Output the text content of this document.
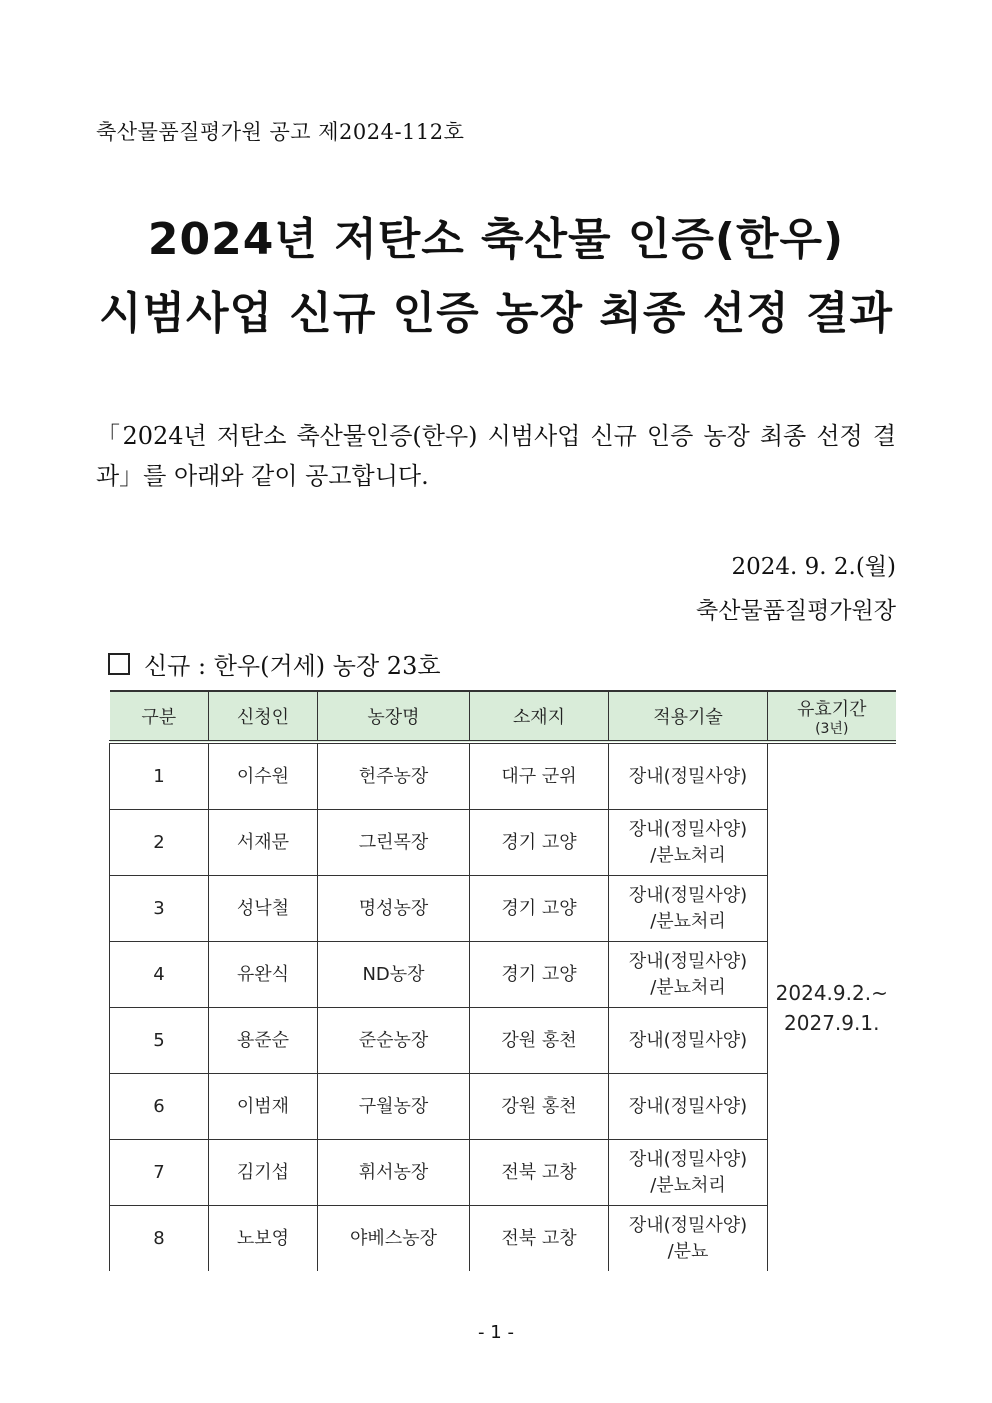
축산물품질평가원 공고 제2024-112호
2024년 저탄소 축산물 인증(한우)
시범사업 신규 인증 농장 최종 선정 결과
「2024년 저탄소 축산물인증(한우) 시범사업 신규 인증 농장 최종 선정 결과」를 아래와 같이 공고합니다.
2024. 9. 2.(월)
축산물품질평가원장
신규 : 한우(거세) 농장 23호
구분	신청인	농장명	소재지	적용기술	유효기간
(3년)

1	이수원	헌주농장	대구 군위	장내(정밀사양)	2024.9.2.~
2027.9.1.
2	서재문	그린목장	경기 고양	장내(정밀사양)
/분뇨처리	
3	성낙철	명성농장	경기 고양	장내(정밀사양)
/분뇨처리	
4	유완식	ND농장	경기 고양	장내(정밀사양)
/분뇨처리	
5	용준순	준순농장	강원 홍천	장내(정밀사양)	

6	이범재	구월농장	강원 홍천	장내(정밀사양)	

7	김기섭	휘서농장	전북 고창	장내(정밀사양)
/분뇨처리	
8	노보영	야베스농장	전북 고창	장내(정밀사양)
/분뇨	
- 1 -
